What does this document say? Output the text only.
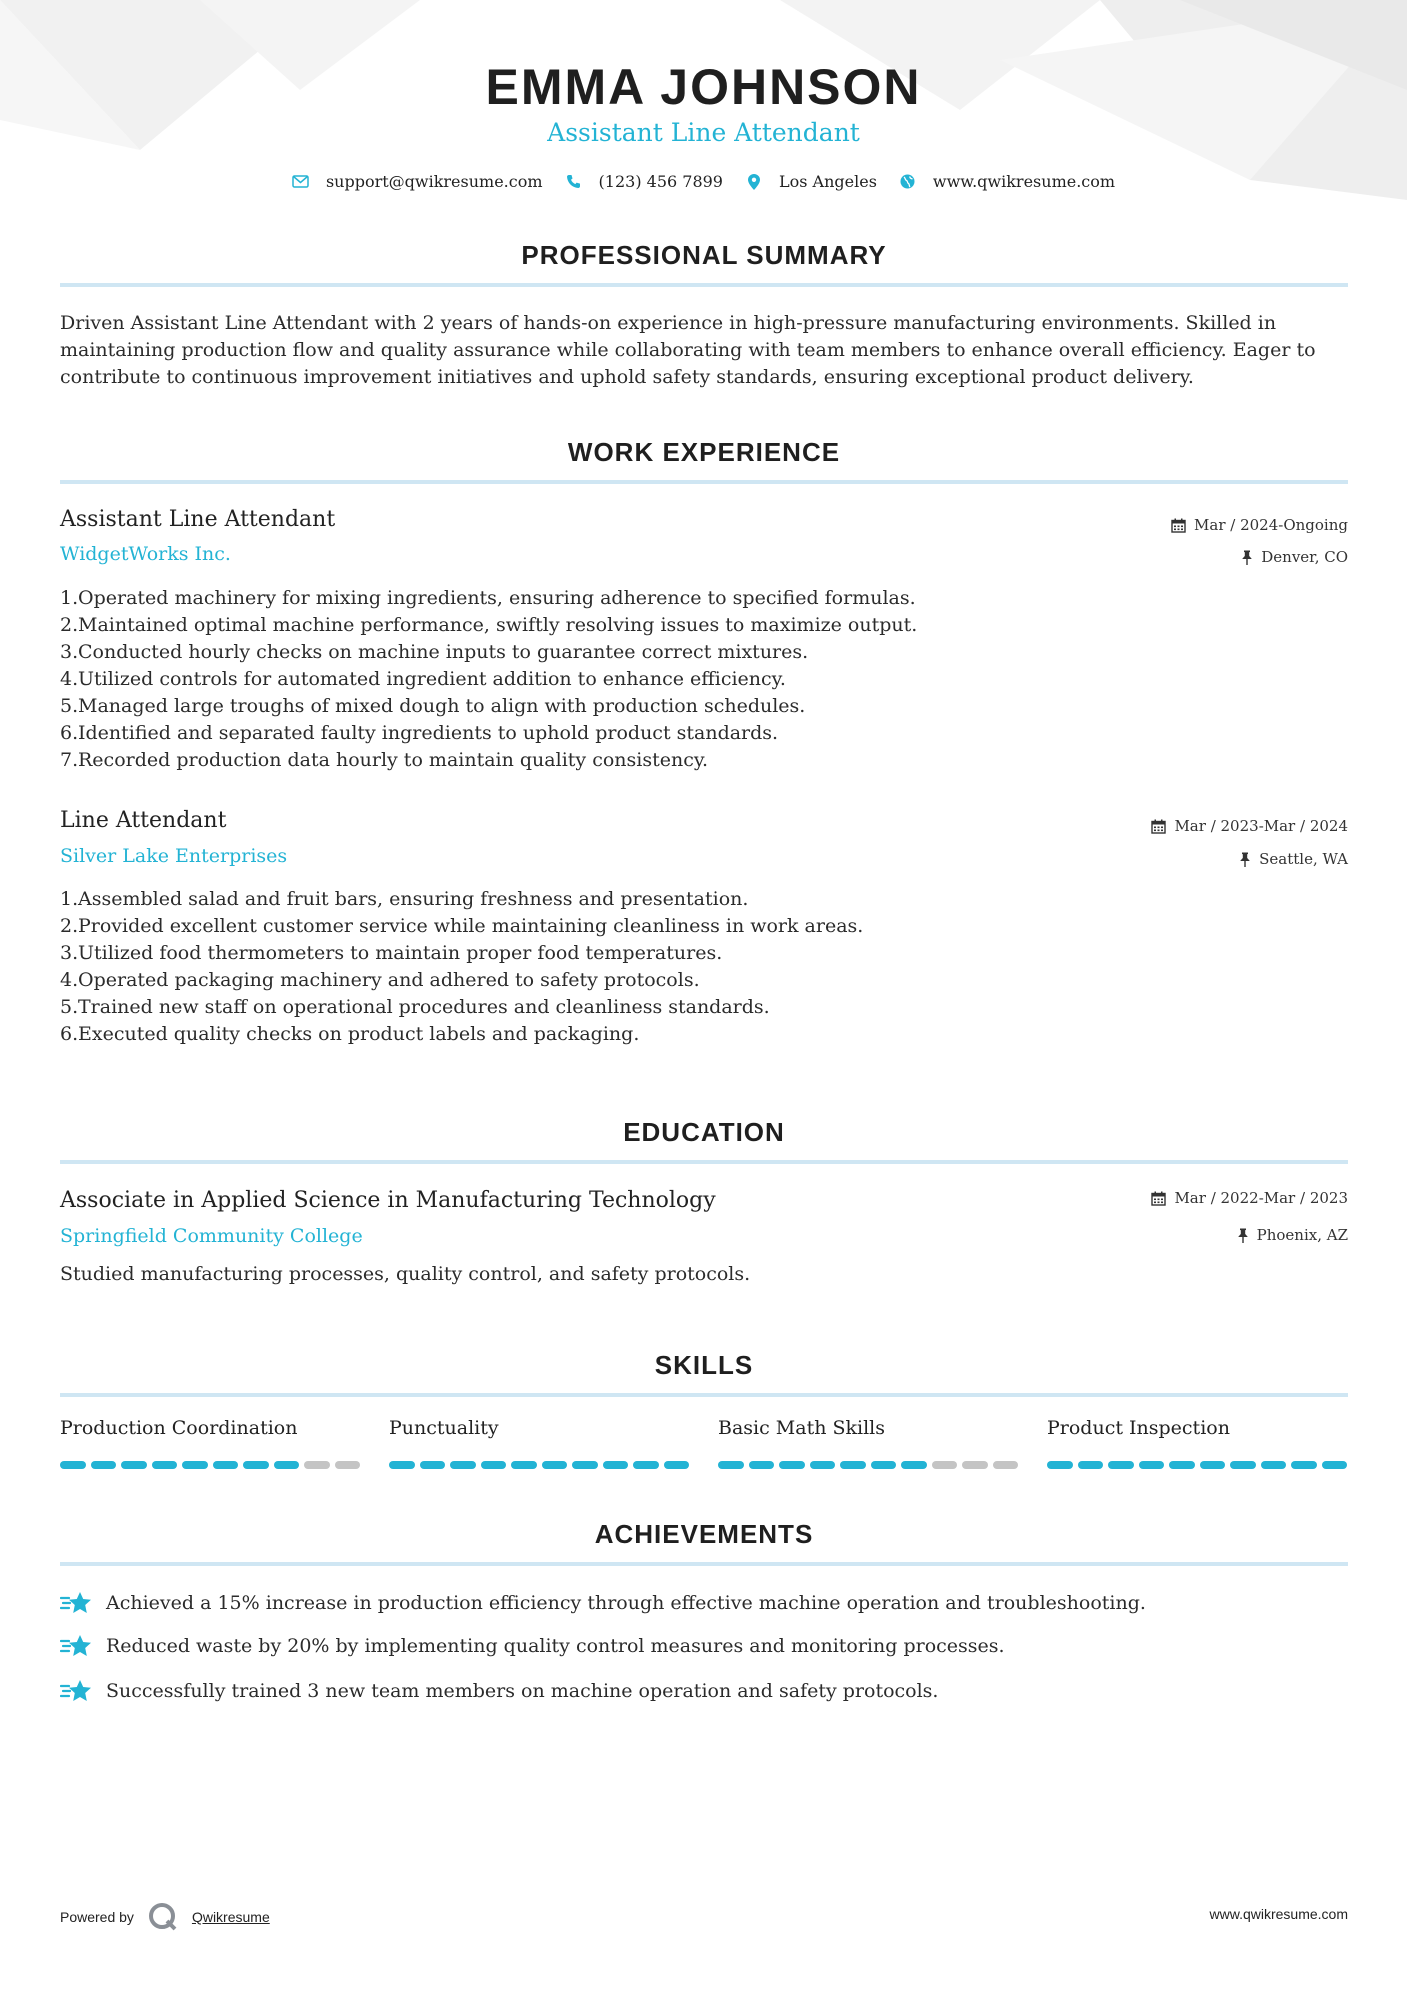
EMMA JOHNSON
Assistant Line Attendant
support@qwikresume.com	(123) 456 7899	Los Angeles	www.qwikresume.com
PROFESSIONAL SUMMARY
Driven Assistant Line Attendant with 2 years of hands-on experience in high-pressure manufacturing environments. Skilled in maintaining production flow and quality assurance while collaborating with team members to enhance overall efficiency. Eager to contribute to continuous improvement initiatives and uphold safety standards, ensuring exceptional product delivery.
WORK EXPERIENCE
Assistant Line Attendant
WidgetWorks Inc.
Mar / 2024-Ongoing
Denver, CO
1. Operated machinery for mixing ingredients, ensuring adherence to specified formulas.
2. Maintained optimal machine performance, swiftly resolving issues to maximize output.
3. Conducted hourly checks on machine inputs to guarantee correct mixtures.
4. Utilized controls for automated ingredient addition to enhance efficiency.
5. Managed large troughs of mixed dough to align with production schedules.
6. Identified and separated faulty ingredients to uphold product standards.
7. Recorded production data hourly to maintain quality consistency.
Line Attendant
Silver Lake Enterprises
Mar / 2023-Mar / 2024
Seattle, WA
1. Assembled salad and fruit bars, ensuring freshness and presentation.
2. Provided excellent customer service while maintaining cleanliness in work areas.
3. Utilized food thermometers to maintain proper food temperatures.
4. Operated packaging machinery and adhered to safety protocols.
5. Trained new staff on operational procedures and cleanliness standards.
6. Executed quality checks on product labels and packaging.
EDUCATION
Associate in Applied Science in Manufacturing Technology
Springfield Community College
Mar / 2022-Mar / 2023
Phoenix, AZ
Studied manufacturing processes, quality control, and safety protocols.
SKILLS
Production Coordination	Punctuality	Basic Math Skills	Product Inspection
ACHIEVEMENTS
Achieved a 15% increase in production efficiency through effective machine operation and troubleshooting.
Reduced waste by 20% by implementing quality control measures and monitoring processes.
Successfully trained 3 new team members on machine operation and safety protocols.
Powered by	Qwikresume	www.qwikresume.com
